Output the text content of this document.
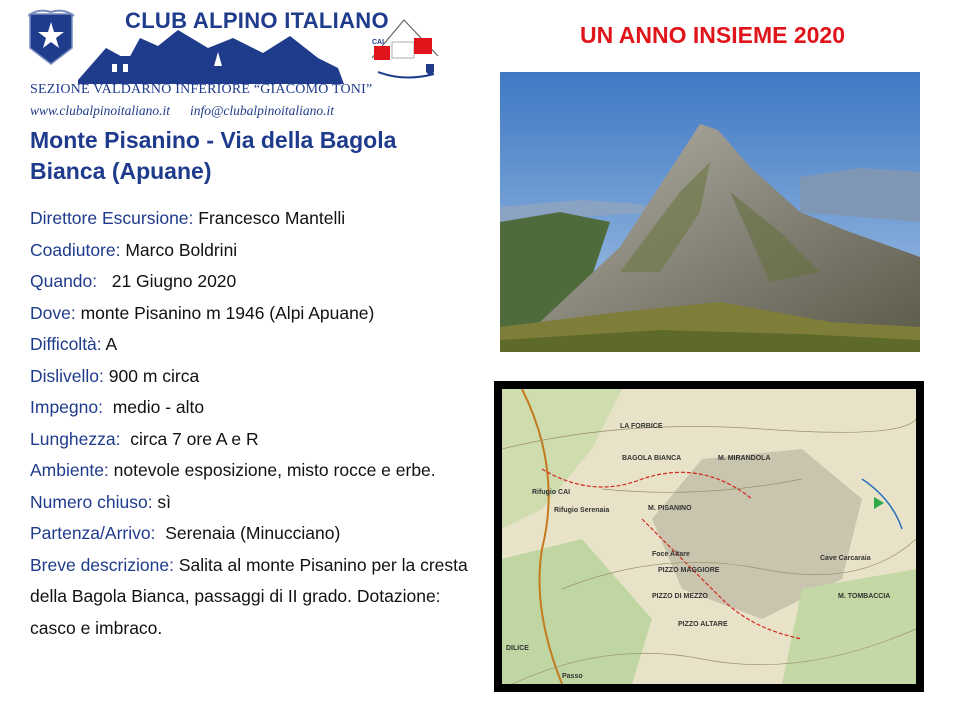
CLUB ALPINO ITALIANO
SEZIONE VALDARNO INFERIORE “GIACOMO TONI”
www.clubalpinoitaliano.it info@clubalpinoitaliano.it
CAI	UN ANNO INSIEME 2020
Monte Pisanino - Via della Bagola Bianca (Apuane)
Direttore Escursione: Francesco Mantelli
Coadiutore: Marco Boldrini
Quando:   21 Giugno 2020
Dove: monte Pisanino m 1946 (Alpi Apuane)
Difficoltà: A
Dislivello: 900 m circa
Impegno:  medio - alto
Lunghezza:  circa 7 ore A e R
Ambiente: notevole esposizione, misto rocce e erbe.
Numero chiuso: sì
Partenza/Arrivo:  Serenaia (Minucciano)
Breve descrizione: Salita al monte Pisanino per la cresta della Bagola Bianca, passaggi di II grado. Dotazione: casco e imbraco.
LA FORBICE
BAGOLA BIANCA	M. MIRANDOLA
M. PISANINO
Foce Altare
PIZZO MAGGIORE
PIZZO DI MEZZO	M. TOMBACCIA
PIZZO ALTARE
Rifugio CAI
Rifugio Serenaia
Cave Carcaraia
DILICE
Passo
